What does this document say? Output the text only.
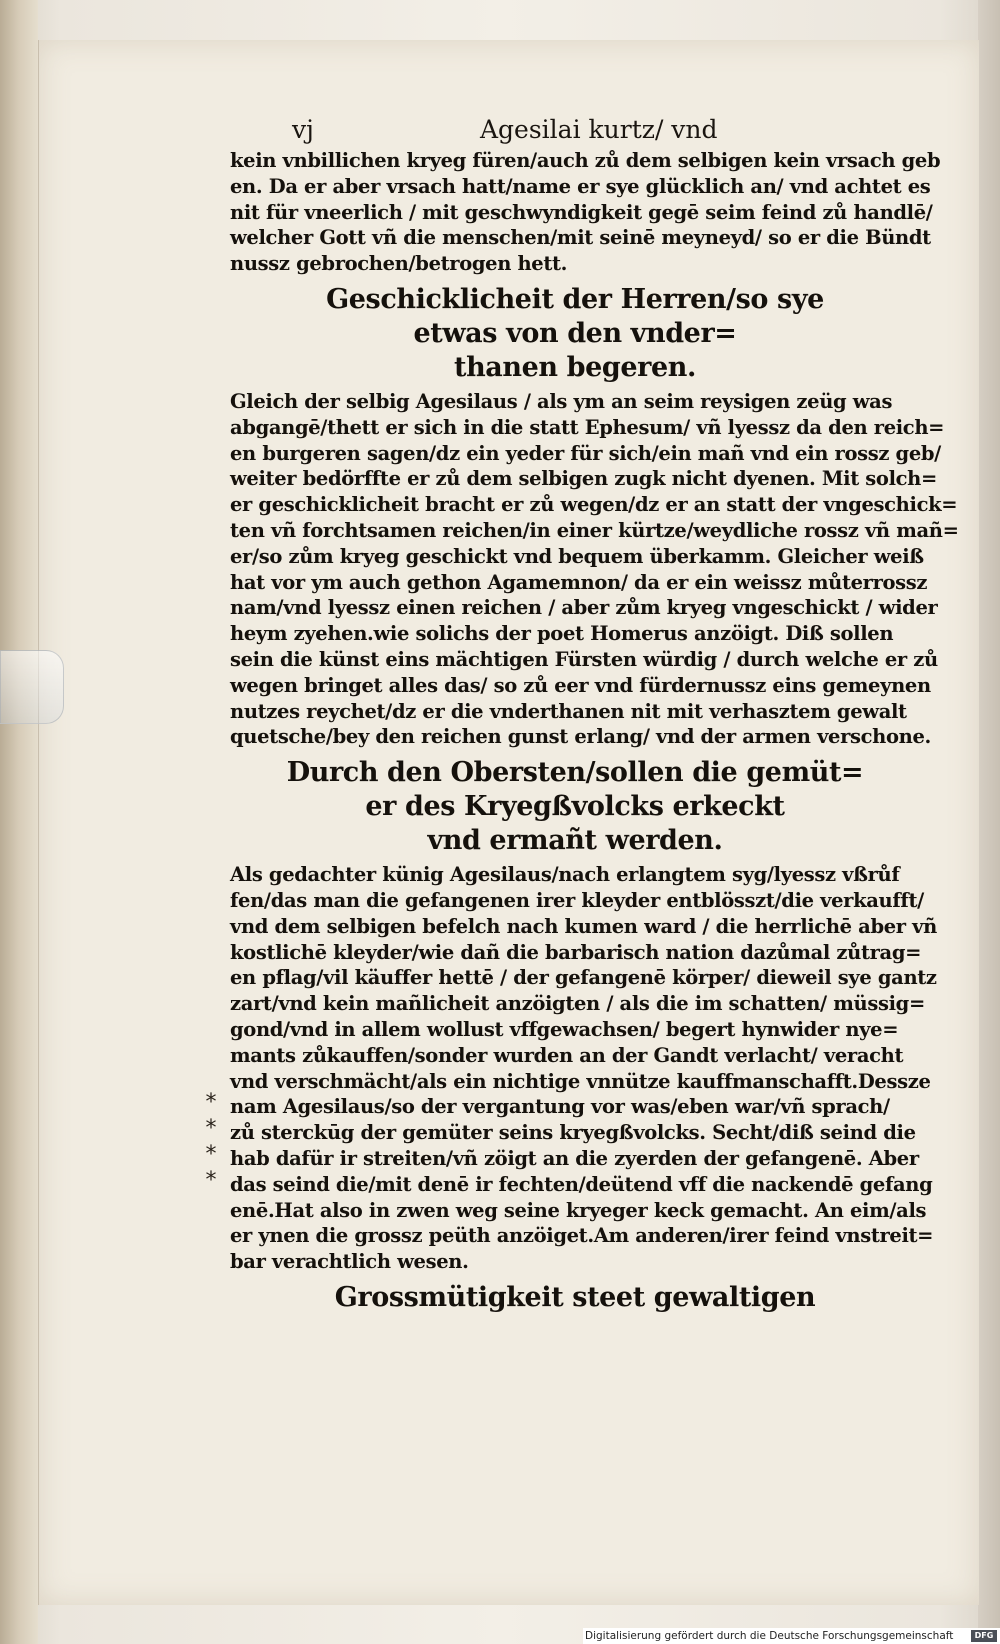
vj	Agesilai kurtz/ vnd
kein vnbillichen kryeg füren/auch zů dem selbigen kein vrsach geb
en. Da er aber vrsach hatt/name er sye glücklich an/ vnd achtet es
nit für vneerlich / mit geschwyndigkeit gegē seim feind zů handlē/
welcher Gott vñ die menschen/mit seinē meyneyd/ so er die Bündt
nussz gebrochen/betrogen hett.
Geschicklicheit der Herren/so sye
etwas von den vnder=
thanen begeren.
Gleich der selbig Agesilaus / als ym an seim reysigen zeüg was
abgangē/thett er sich in die statt Ephesum/ vñ lyessz da den reich=
en burgeren sagen/dz ein yeder für sich/ein mañ vnd ein rossz geb/
weiter bedörffte er zů dem selbigen zugk nicht dyenen. Mit solch=
er geschicklicheit bracht er zů wegen/dz er an statt der vngeschick=
ten vñ forchtsamen reichen/in einer kürtze/weydliche rossz vñ mañ=
er/so zům kryeg geschickt vnd bequem überkamm. Gleicher weiß
hat vor ym auch gethon Agamemnon/ da er ein weissz můterrossz
nam/vnd lyessz einen reichen / aber zům kryeg vngeschickt / wider
heym zyehen.wie solichs der poet Homerus anzöigt. Diß sollen
sein die künst eins mächtigen Fürsten würdig / durch welche er zů
wegen bringet alles das/ so zů eer vnd fürdernussz eins gemeynen
nutzes reychet/dz er die vnderthanen nit mit verhasztem gewalt
quetsche/bey den reichen gunst erlang/ vnd der armen verschone.
Durch den Obersten/sollen die gemüt=
er des Kryegßvolcks erkeckt
vnd ermañt werden.
Als gedachter künig Agesilaus/nach erlangtem syg/lyessz vßrůf
fen/das man die gefangenen irer kleyder entblösszt/die verkaufft/
vnd dem selbigen befelch nach kumen ward / die herrlichē aber vñ
kostlichē kleyder/wie dañ die barbarisch nation dazůmal zůtrag=
en pflag/vil käuffer hettē / der gefangenē körper/ dieweil sye gantz
zart/vnd kein mañlicheit anzöigten / als die im schatten/ müssig=
gond/vnd in allem wollust vffgewachsen/ begert hynwider nye=
mants zůkauffen/sonder wurden an der Gandt verlacht/ veracht
vnd verschmächt/als ein nichtige vnnütze kauffmanschafft.Dessze
nam Agesilaus/so der vergantung vor was/eben war/vñ sprach/
zů sterckūg der gemüter seins kryegßvolcks. Secht/diß seind die
hab dafür ir streiten/vñ zöigt an die zyerden der gefangenē. Aber
das seind die/mit denē ir fechten/deütend vff die nackendē gefang
enē.Hat also in zwen weg seine kryeger keck gemacht. An eim/als
er ynen die grossz peüth anzöiget.Am anderen/irer feind vnstreit=
bar verachtlich wesen.
Grossmütigkeit steet gewaltigen
⁎
⁎
⁎
⁎
Digitalisierung gefördert durch die Deutsche Forschungsgemeinschaft	DFG
